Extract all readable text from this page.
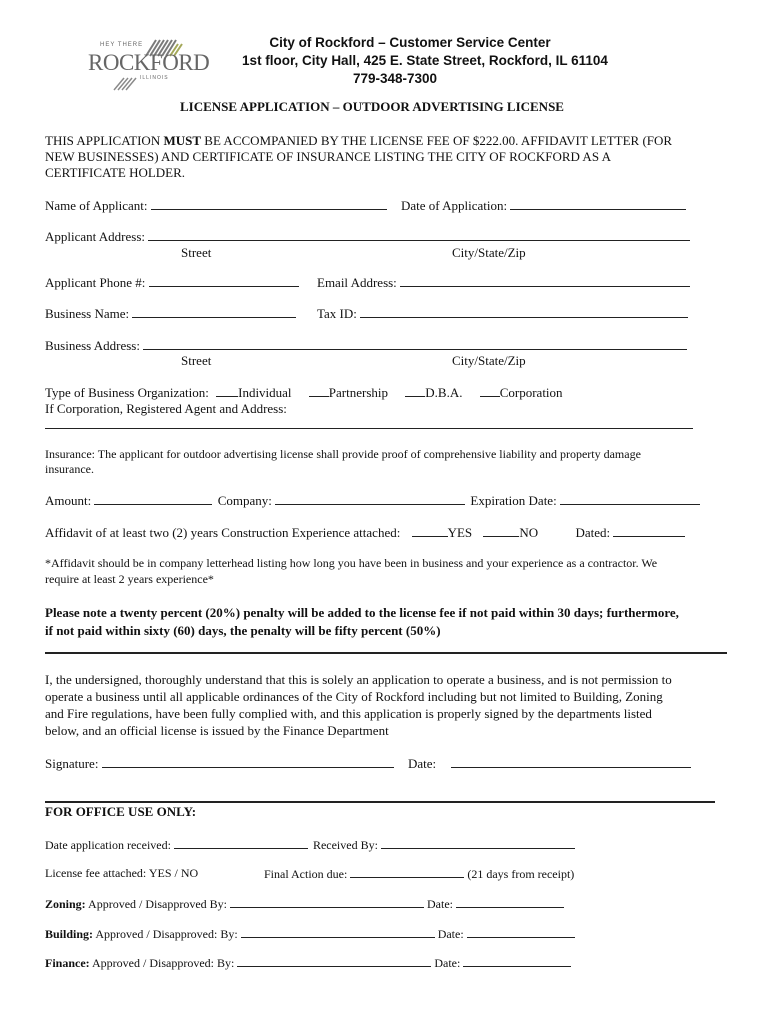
HEY THERE
ROCKFORD
ILLINOIS
City of Rockford – Customer Service Center
1st floor, City Hall, 425 E. State Street, Rockford, IL 61104
779-348-7300
LICENSE APPLICATION – OUTDOOR ADVERTISING LICENSE
THIS APPLICATION MUST BE ACCOMPANIED BY THE LICENSE FEE OF $222.00. AFFIDAVIT LETTER (FOR
NEW BUSINESSES) AND CERTIFICATE OF INSURANCE LISTING THE CITY OF ROCKFORD AS A
CERTIFICATE HOLDER.
Name of Applicant:	Date of Application:
Applicant Address:
Street	City/State/Zip
Applicant Phone #:	Email Address:
Business Name:	Tax ID:
Business Address:
Street	City/State/Zip
Type of Business Organization: Individual	Partnership	D.B.A.	Corporation
If Corporation, Registered Agent and Address:
Insurance: The applicant for outdoor advertising license shall provide proof of comprehensive liability and property damage
insurance.
Amount:	Company:	Expiration Date:
Affidavit of at least two (2) years Construction Experience attached:	YES	NO	Dated:
*Affidavit should be in company letterhead listing how long you have been in business and your experience as a contractor. We
require at least 2 years experience*
Please note a twenty percent (20%) penalty will be added to the license fee if not paid within 30 days; furthermore,
if not paid within sixty (60) days, the penalty will be fifty percent (50%)
I, the undersigned, thoroughly understand that this is solely an application to operate a business, and is not permission to
operate a business until all applicable ordinances of the City of Rockford including but not limited to Building, Zoning
and Fire regulations, have been fully complied with, and this application is properly signed by the departments listed
below, and an official license is issued by the Finance Department
Signature:	Date:
FOR OFFICE USE ONLY:
Date application received:	Received By:
License fee attached: YES / NO	Final Action due:	(21 days from receipt)
Zoning: Approved / Disapproved By:	Date:
Building: Approved / Disapproved: By:	Date:
Finance: Approved / Disapproved: By:	Date:
